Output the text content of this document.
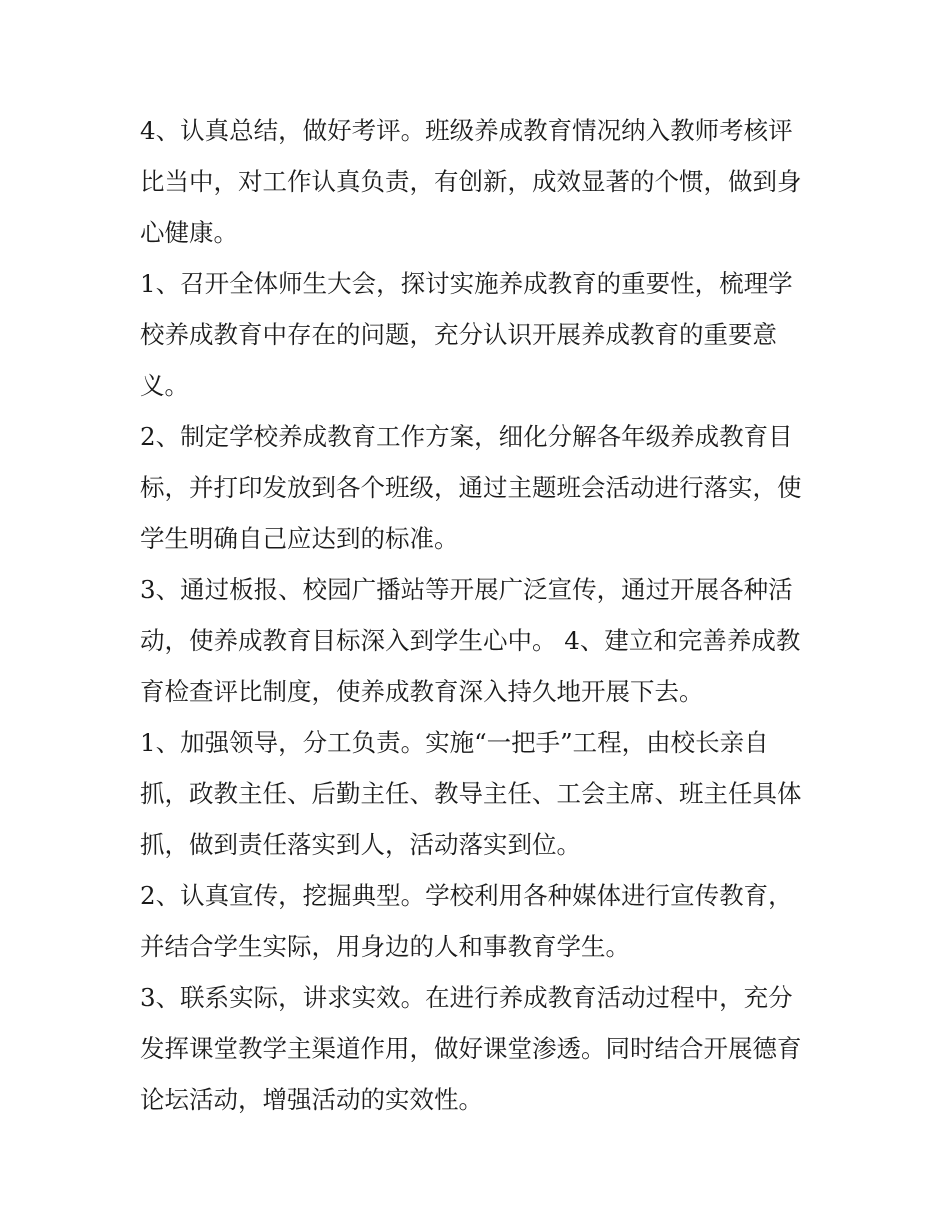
4、认真总结，做好考评。班级养成教育情况纳入教师考核评
比当中，对工作认真负责，有创新，成效显著的个惯，做到身
心健康。
1、召开全体师生大会，探讨实施养成教育的重要性，梳理学
校养成教育中存在的问题，充分认识开展养成教育的重要意
义。
2、制定学校养成教育工作方案，细化分解各年级养成教育目
标，并打印发放到各个班级，通过主题班会活动进行落实，使
学生明确自己应达到的标准。
3、通过板报、校园广播站等开展广泛宣传，通过开展各种活
动，使养成教育目标深入到学生心中。 4、建立和完善养成教
育检查评比制度，使养成教育深入持久地开展下去。
1、加强领导，分工负责。实施“一把手”工程，由校长亲自
抓，政教主任、后勤主任、教导主任、工会主席、班主任具体
抓，做到责任落实到人，活动落实到位。
2、认真宣传，挖掘典型。学校利用各种媒体进行宣传教育，
并结合学生实际，用身边的人和事教育学生。
3、联系实际，讲求实效。在进行养成教育活动过程中，充分
发挥课堂教学主渠道作用，做好课堂渗透。同时结合开展德育
论坛活动，增强活动的实效性。
